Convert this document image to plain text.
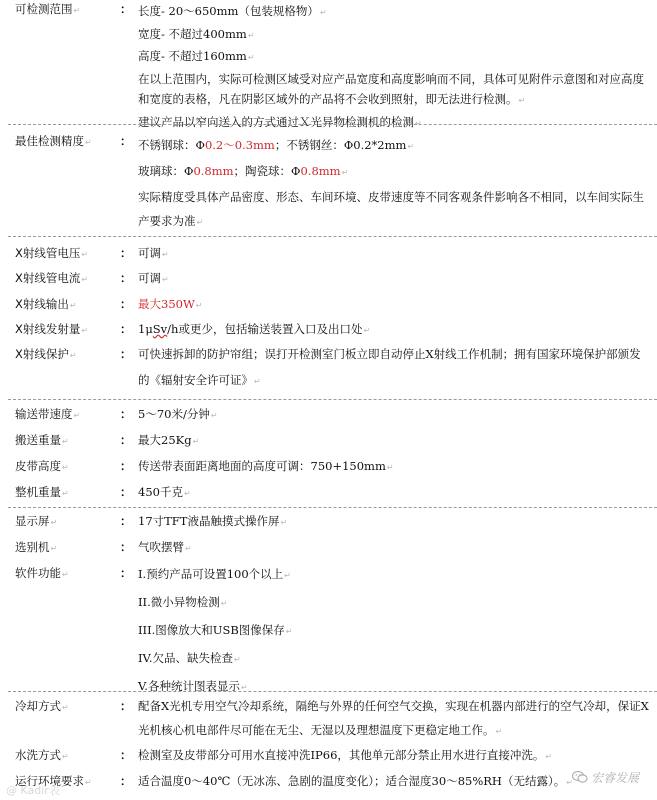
可检测范围↵	： 长度- 20～650mm（包装规格物）↵
宽度- 不超过400mm↵
高度- 不超过160mm↵
在以上范围内，实际可检测区域受对应产品宽度和高度影响而不同，具体可见附件示意图和对应高度和宽度的表格，凡在阴影区域外的产品将不会收到照射，即无法进行检测。↵
建议产品以窄向送入的方式通过Ｘ光异物检测机的检测↵
最佳检测精度↵ ： 不锈钢球：Φ0.2～0.3mm；不锈钢丝：Φ0.2*2mm↵
玻璃球：Φ0.8mm；陶瓷球：Φ0.8mm↵
实际精度受具体产品密度、形态、车间环境、皮带速度等不同客观条件影响各不相同，以车间实际生产要求为准↵
X射线管电压↵	： 可调↵
X射线管电流↵	： 可调↵
X射线输出↵	： 最大350W↵
X射线发射量↵	： 1μSv/h或更少，包括输送装置入口及出口处↵
X射线保护↵	： 可快速拆卸的防护帘组；误打开检测室门板立即自动停止X射线工作机制；拥有国家环境保护部颁发的《辐射安全许可证》↵
输送带速度↵	： 5～70米/分钟↵
搬送重量↵	： 最大25Kg↵
皮带高度↵	： 传送带表面距离地面的高度可调：750+150mm↵
整机重量↵	： 450千克↵
显示屏↵	： 17寸TFT液晶触摸式操作屏↵
选别机↵	： 气吹摆臂↵
软件功能↵	： I.预约产品可设置100个以上↵
II.微小异物检测↵
III.图像放大和USB图像保存↵
IV.欠品、缺失检查↵
V.各种统计图表显示↵
冷却方式↵	： 配备X光机专用空气冷却系统，隔绝与外界的任何空气交换，实现在机器内部进行的空气冷却，保证X光机核心机电部件尽可能在无尘、无湿以及理想温度下更稳定地工作。↵
水洗方式↵	： 检测室及皮带部分可用水直接冲洗IP66，其他单元部分禁止用水进行直接冲洗。↵
运行环境要求↵ ： 适合温度0～40℃（无冰冻、急剧的温度变化）；适合湿度30～85%RH（无结露）。↵	宏睿发展
@ Kadir表
